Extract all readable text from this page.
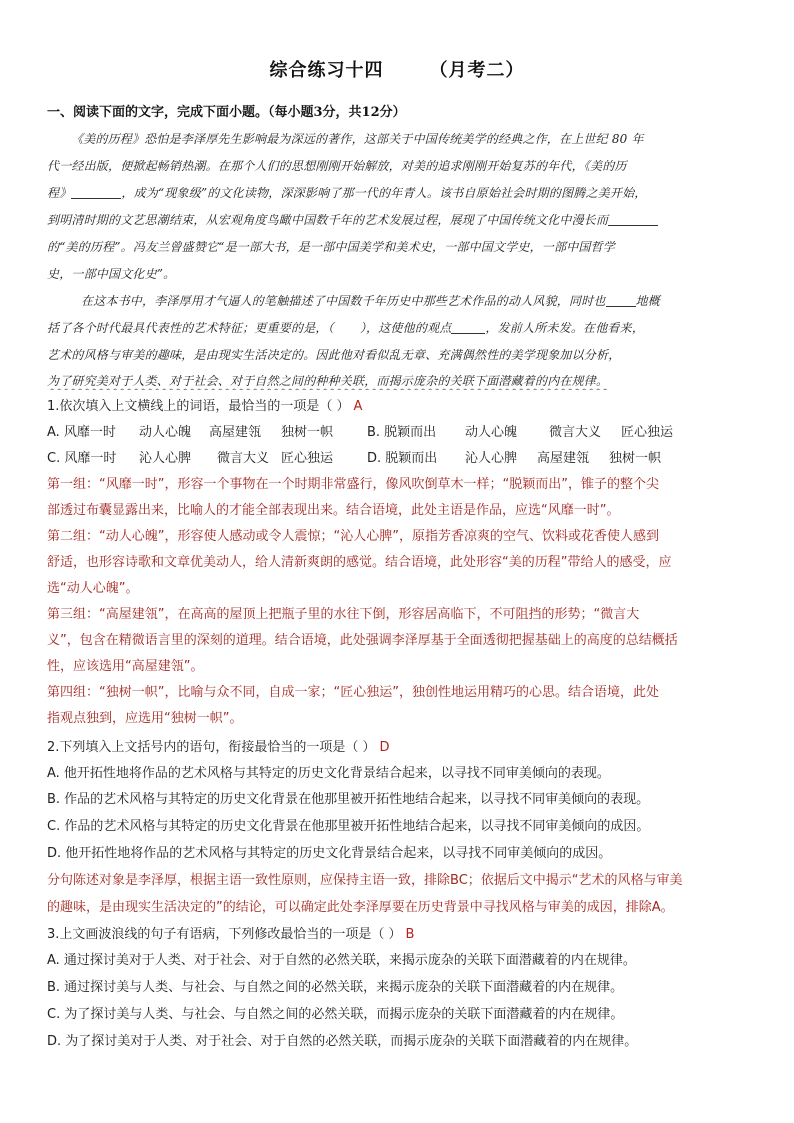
综合练习十四	（月考二）
一、阅读下面的文字，完成下面小题。（每小题3分，共12分）
《美的历程》恐怕是李泽厚先生影响最为深远的著作，这部关于中国传统美学的经典之作，在上世纪 80 年
代一经出版，便掀起畅销热潮。在那个人们的思想刚刚开始解放，对美的追求刚刚开始复苏的年代，《美的历
程》	，成为“现象级”的文化读物，深深影响了那一代的年青人。该书自原始社会时期的图腾之美开始，
到明清时期的文艺思潮结束，从宏观角度鸟瞰中国数千年的艺术发展过程，展现了中国传统文化中漫长而
的“美的历程”。冯友兰曾盛赞它“是一部大书，是一部中国美学和美术史，一部中国文学史，一部中国哲学
史，一部中国文化史”。
在这本书中，李泽厚用才气逼人的笔触描述了中国数千年历史中那些艺术作品的动人风貌，同时也	地概
括了各个时代最具代表性的艺术特征；更重要的是，（ ），这使他的观点	，发前人所未发。在他看来，
艺术的风格与审美的趣味，是由现实生活决定的。因此他对看似乱无章、充满偶然性的美学现象加以分析，
为了研究美对于人类、对于社会、对于自然之间的种种关联，而揭示庞杂的关联下面潜藏着的内在规律。
1.依次填入上文横线上的词语，最恰当的一项是（ ） A
A. 风靡一时 动人心魄 高屋建瓴 独树一帜	B. 脱颖而出 动人心魄 微言大义 匠心独运
C. 风靡一时 沁人心脾 微言大义 匠心独运	D. 脱颖而出 沁人心脾 高屋建瓴 独树一帜
第一组：“风靡一时”，形容一个事物在一个时期非常盛行，像风吹倒草木一样；“脱颖而出”，锥子的整个尖
部透过布囊显露出来，比喻人的才能全部表现出来。结合语境，此处主语是作品，应选“风靡一时”。
第二组：“动人心魄”，形容使人感动或令人震惊；“沁人心脾”，原指芳香凉爽的空气、饮料或花香使人感到
舒适，也形容诗歌和文章优美动人，给人清新爽朗的感觉。结合语境，此处形容“美的历程”带给人的感受，应
选“动人心魄”。
第三组：“高屋建瓴”，在高高的屋顶上把瓶子里的水往下倒，形容居高临下，不可阻挡的形势；“微言大
义”，包含在精微语言里的深刻的道理。结合语境，此处强调李泽厚基于全面透彻把握基础上的高度的总结概括
性，应该选用“高屋建瓴”。
第四组：“独树一帜”，比喻与众不同，自成一家；“匠心独运”，独创性地运用精巧的心思。结合语境，此处
指观点独到，应选用“独树一帜”。
2.下列填入上文括号内的语句，衔接最恰当的一项是（ ） D
A. 他开拓性地将作品的艺术风格与其特定的历史文化背景结合起来，以寻找不同审美倾向的表现。
B. 作品的艺术风格与其特定的历史文化背景在他那里被开拓性地结合起来，以寻找不同审美倾向的表现。
C. 作品的艺术风格与其特定的历史文化背景在他那里被开拓性地结合起来，以寻找不同审美倾向的成因。
D. 他开拓性地将作品的艺术风格与其特定的历史文化背景结合起来，以寻找不同审美倾向的成因。
分句陈述对象是李泽厚，根据主语一致性原则，应保持主语一致，排除BC；依据后文中揭示“艺术的风格与审美
的趣味，是由现实生活决定的”的结论，可以确定此处李泽厚要在历史背景中寻找风格与审美的成因，排除A。
3.上文画波浪线的句子有语病，下列修改最恰当的一项是（ ） B
A. 通过探讨美对于人类、对于社会、对于自然的必然关联，来揭示庞杂的关联下面潜藏着的内在规律。
B. 通过探讨美与人类、与社会、与自然之间的必然关联，来揭示庞杂的关联下面潜藏着的内在规律。
C. 为了探讨美与人类、与社会、与自然之间的必然关联，而揭示庞杂的关联下面潜藏着的内在规律。
D. 为了探讨美对于人类、对于社会、对于自然的必然关联，而揭示庞杂的关联下面潜藏着的内在规律。
